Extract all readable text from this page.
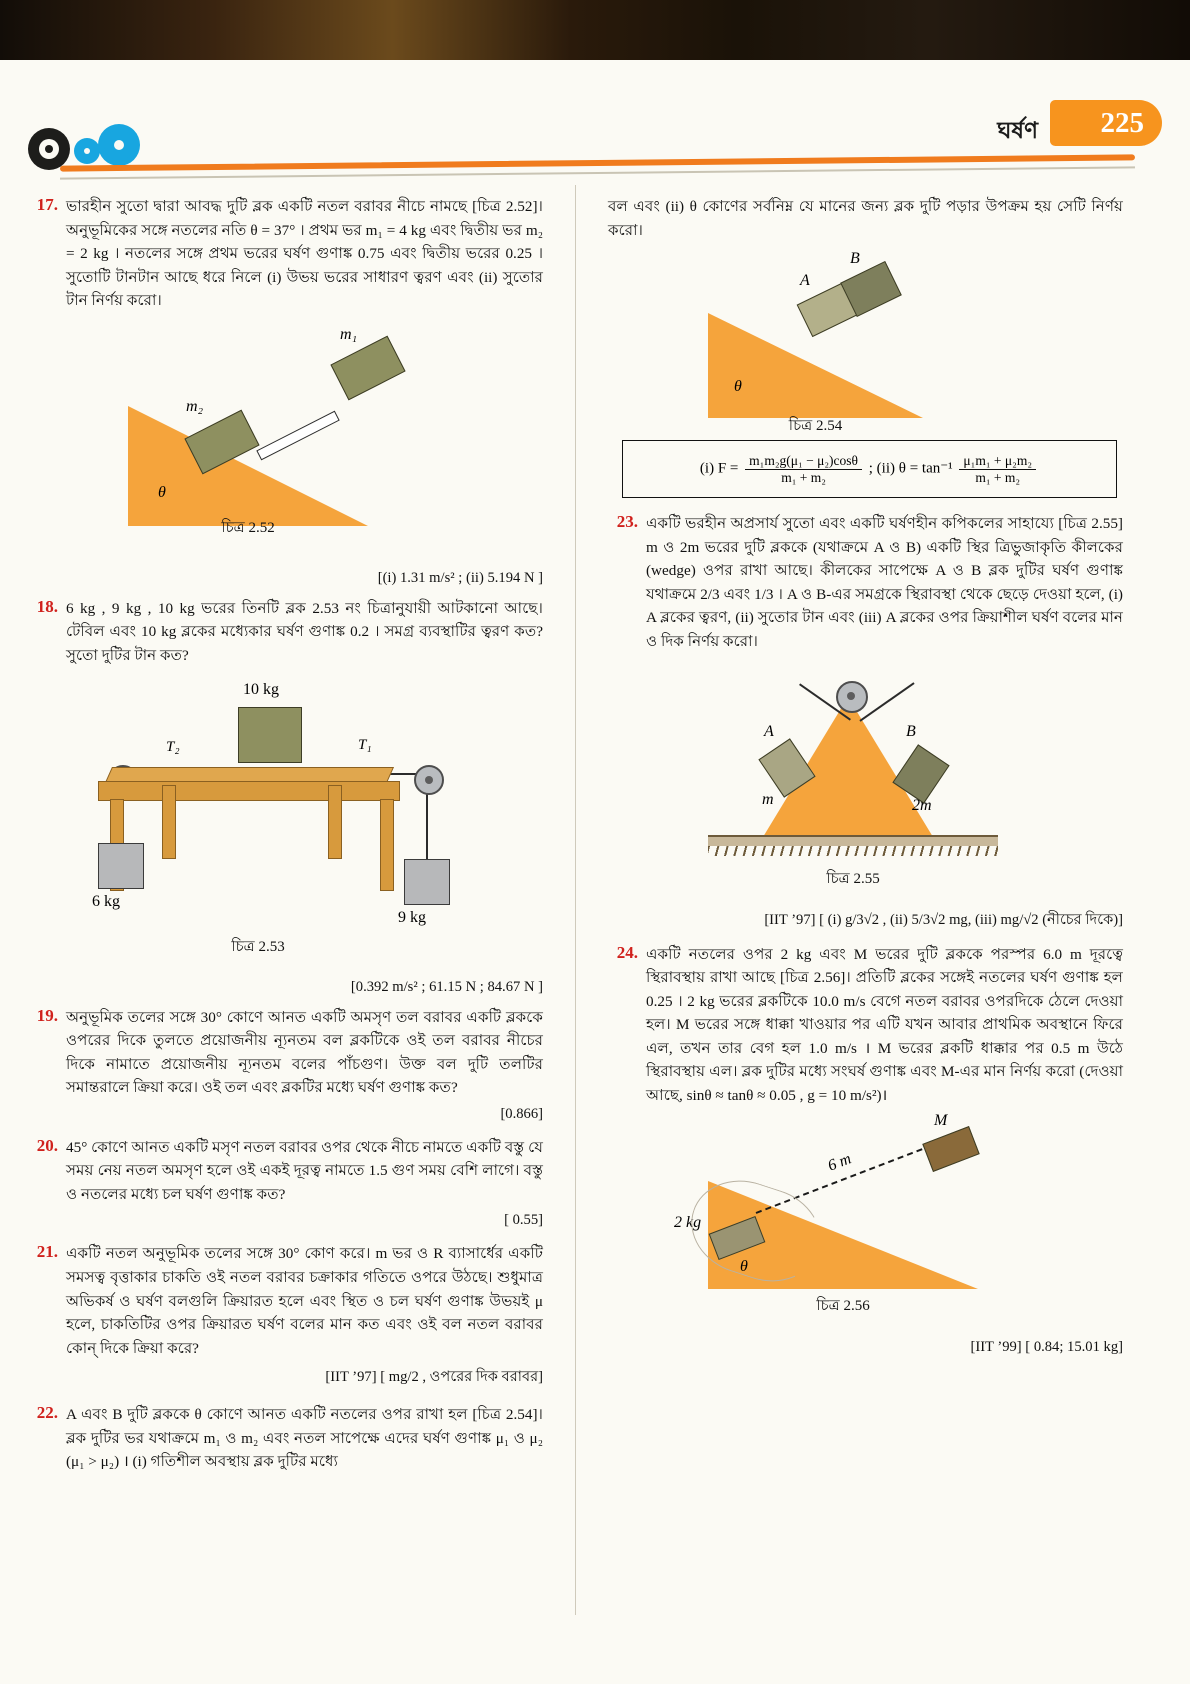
ঘর্ষণ 225
17. ভারহীন সুতো দ্বারা আবদ্ধ দুটি ব্লক একটি নতল বরাবর নীচে নামছে [চিত্র 2.52]। অনুভূমিকের সঙ্গে নতলের নতি θ = 37° । প্রথম ভর m₁ = 4 kg এবং দ্বিতীয় ভর m₂ = 2 kg । নতলের সঙ্গে প্রথম ভরের ঘর্ষণ গুণাঙ্ক 0.75 এবং দ্বিতীয় ভরের 0.25 । সুতোটি টানটান আছে ধরে নিলে (i) উভয় ভরের সাধারণ ত্বরণ এবং (ii) সুতোর টান নির্ণয় করো।
m₁
m₂
θ
চিত্র 2.52
[(i) 1.31 m/s² ; (ii) 5.194 N ]
18. 6 kg , 9 kg , 10 kg ভরের তিনটি ব্লক 2.53 নং চিত্রানুযায়ী আটকানো আছে। টেবিল এবং 10 kg ব্লকের মধ্যেকার ঘর্ষণ গুণাঙ্ক 0.2 । সমগ্র ব্যবস্থাটির ত্বরণ কত? সুতো দুটির টান কত?
10 kg
T₂	T₁
6 kg
9 kg
চিত্র 2.53
[0.392 m/s² ; 61.15 N ; 84.67 N ]
19. অনুভূমিক তলের সঙ্গে 30° কোণে আনত একটি অমসৃণ তল বরাবর একটি ব্লককে ওপরের দিকে তুলতে প্রয়োজনীয় ন্যূনতম বল ব্লকটিকে ওই তল বরাবর নীচের দিকে নামাতে প্রয়োজনীয় ন্যূনতম বলের পাঁচগুণ। উক্ত বল দুটি তলটির সমান্তরালে ক্রিয়া করে। ওই তল এবং ব্লকটির মধ্যে ঘর্ষণ গুণাঙ্ক কত?
[0.866]
20. 45° কোণে আনত একটি মসৃণ নতল বরাবর ওপর থেকে নীচে নামতে একটি বস্তু যে সময় নেয় নতল অমসৃণ হলে ওই একই দূরত্ব নামতে 1.5 গুণ সময় বেশি লাগে। বস্তু ও নতলের মধ্যে চল ঘর্ষণ গুণাঙ্ক কত?
[ 0.55]
21. একটি নতল অনুভূমিক তলের সঙ্গে 30° কোণ করে। m ভর ও R ব্যাসার্ধের একটি সমসত্ব বৃত্তাকার চাকতি ওই নতল বরাবর চক্রাকার গতিতে ওপরে উঠছে। শুধুমাত্র অভিকর্ষ ও ঘর্ষণ বলগুলি ক্রিয়ারত হলে এবং স্থিত ও চল ঘর্ষণ গুণাঙ্ক উভয়ই μ হলে, চাকতিটির ওপর ক্রিয়ারত ঘর্ষণ বলের মান কত এবং ওই বল নতল বরাবর কোন্ দিকে ক্রিয়া করে?
[IIT ’97] [ mg/2 , ওপরের দিক বরাবর]
22. A এবং B দুটি ব্লককে θ কোণে আনত একটি নতলের ওপর রাখা হল [চিত্র 2.54]। ব্লক দুটির ভর যথাক্রমে m₁ ও m₂ এবং নতল সাপেক্ষে এদের ঘর্ষণ গুণাঙ্ক μ₁ ও μ₂ (μ₁ > μ₂) । (i) গতিশীল অবস্থায় ব্লক দুটির মধ্যে
বল এবং (ii) θ কোণের সর্বনিম্ন যে মানের জন্য ব্লক দুটি পড়ার উপক্রম হয় সেটি নির্ণয় করো।
A
B
θ
চিত্র 2.54
(i) $F = \frac{\text{m₁m₂g(μ₁ − μ₂)cosθ}}{\text{m₁ + m₂}}$ ; (ii) $\theta = \tan^{-1} \frac{\text{μ₁m₁ + μ₂m₂}}{\text{m₁ + m₂}}$
23. একটি ভরহীন অপ্রসার্য সুতো এবং একটি ঘর্ষণহীন কপিকলের সাহায্যে [চিত্র 2.55] m ও 2m ভরের দুটি ব্লককে (যথাক্রমে A ও B) একটি স্থির ত্রিভুজাকৃতি কীলকের (wedge) ওপর রাখা আছে। কীলকের সাপেক্ষে A ও B ব্লক দুটির ঘর্ষণ গুণাঙ্ক যথাক্রমে 2/3 এবং 1/3 । A ও B-এর সমগ্রকে স্থিরাবস্থা থেকে ছেড়ে দেওয়া হলে, (i) A ব্লকের ত্বরণ, (ii) সুতোর টান এবং (iii) A ব্লকের ওপর ক্রিয়াশীল ঘর্ষণ বলের মান ও দিক নির্ণয় করো।
A	B
m	2m
চিত্র 2.55
[IIT ’97] [ (i) g/3√2 , (ii) 5/3√2 mg, (iii) mg/√2 (নীচের দিকে)]
24. একটি নতলের ওপর 2 kg এবং M ভরের দুটি ব্লককে পরস্পর 6.0 m দূরত্বে স্থিরাবস্থায় রাখা আছে [চিত্র 2.56]। প্রতিটি ব্লকের সঙ্গেই নতলের ঘর্ষণ গুণাঙ্ক হল 0.25 । 2 kg ভরের ব্লকটিকে 10.0 m/s বেগে নতল বরাবর ওপরদিকে ঠেলে দেওয়া হল। M ভরের সঙ্গে ধাক্কা খাওয়ার পর এটি যখন আবার প্রাথমিক অবস্থানে ফিরে এল, তখন তার বেগ হল 1.0 m/s । M ভরের ব্লকটি ধাক্কার পর 0.5 m উঠে স্থিরাবস্থায় এল। ব্লক দুটির মধ্যে সংঘর্ষ গুণাঙ্ক এবং M-এর মান নির্ণয় করো (দেওয়া আছে, sinθ ≈ tanθ ≈ 0.05 , g = 10 m/s²)।
M
2 kg
6 m
θ
চিত্র 2.56
[IIT ’99] [ 0.84; 15.01 kg]
